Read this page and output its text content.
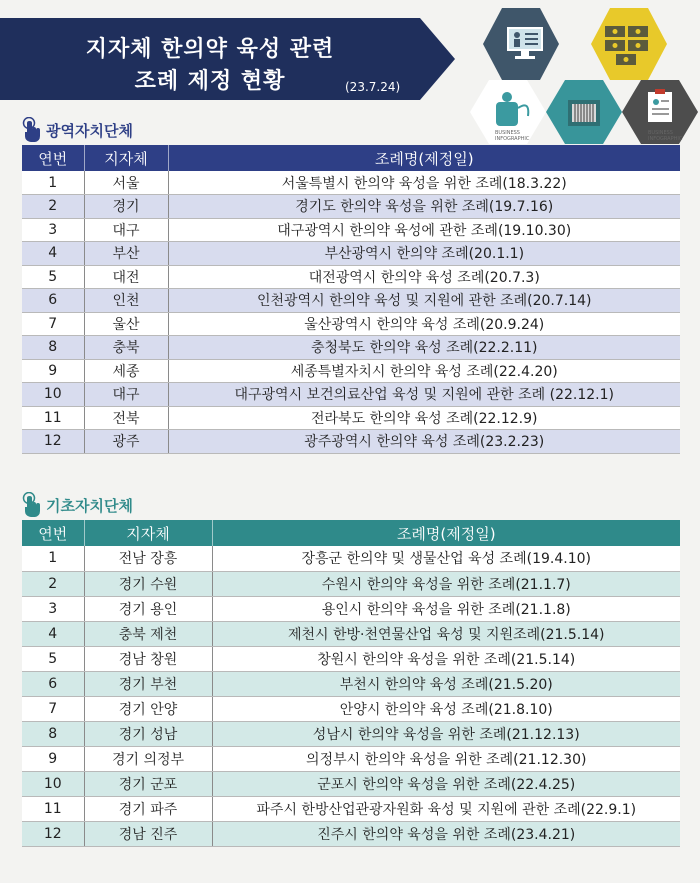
지자체 한의약 육성 관련
조례 제정 현황	(23.7.24)
BUSINESS INFOGRAPHIC
BUSINESS INFOGRAPHIC
광역자치단체
연번	지자체	조례명(제정일)
1	서울	서울특별시 한의약 육성을 위한 조례(18.3.22)
2	경기	경기도 한의약 육성을 위한 조례(19.7.16)
3	대구	대구광역시 한의약 육성에 관한 조례(19.10.30)
4	부산	부산광역시 한의약 조례(20.1.1)
5	대전	대전광역시 한의약 육성 조례(20.7.3)
6	인천	인천광역시 한의약 육성 및 지원에 관한 조례(20.7.14)
7	울산	울산광역시 한의약 육성 조례(20.9.24)
8	충북	충청북도 한의약 육성 조례(22.2.11)
9	세종	세종특별자치시 한의약 육성 조례(22.4.20)
10	대구	대구광역시 보건의료산업 육성 및 지원에 관한 조례 (22.12.1)
11	전북	전라북도 한의약 육성 조례(22.12.9)
12	광주	광주광역시 한의약 육성 조례(23.2.23)
기초자치단체
연번	지자체	조례명(제정일)
1	전남 장흥	장흥군 한의약 및 생물산업 육성 조례(19.4.10)
2	경기 수원	수원시 한의약 육성을 위한 조례(21.1.7)
3	경기 용인	용인시 한의약 육성을 위한 조례(21.1.8)
4	충북 제천	제천시 한방·천연물산업 육성 및 지원조례(21.5.14)
5	경남 창원	창원시 한의약 육성을 위한 조례(21.5.14)
6	경기 부천	부천시 한의약 육성 조례(21.5.20)
7	경기 안양	안양시 한의약 육성 조례(21.8.10)
8	경기 성남	성남시 한의약 육성을 위한 조례(21.12.13)
9	경기 의정부	의정부시 한의약 육성을 위한 조례(21.12.30)
10	경기 군포	군포시 한의약 육성을 위한 조례(22.4.25)
11	경기 파주	파주시 한방산업관광자원화 육성 및 지원에 관한 조례(22.9.1)
12	경남 진주	진주시 한의약 육성을 위한 조례(23.4.21)
